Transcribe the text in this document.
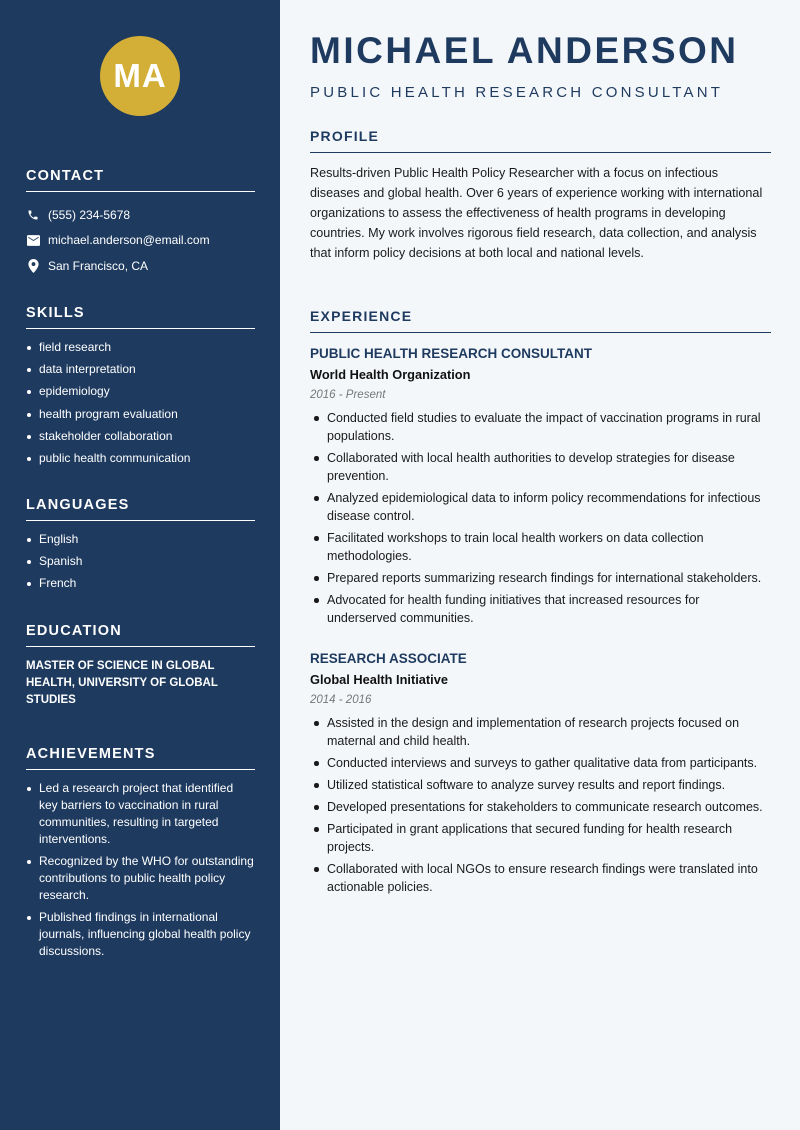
MA
CONTACT
(555) 234-5678
michael.anderson@email.com
San Francisco, CA
SKILLS
field research
data interpretation
epidemiology
health program evaluation
stakeholder collaboration
public health communication
LANGUAGES
English
Spanish
French
EDUCATION
MASTER OF SCIENCE IN GLOBAL HEALTH, UNIVERSITY OF GLOBAL STUDIES
ACHIEVEMENTS
Led a research project that identified key barriers to vaccination in rural communities, resulting in targeted interventions.
Recognized by the WHO for outstanding contributions to public health policy research.
Published findings in international journals, influencing global health policy discussions.
MICHAEL ANDERSON
PUBLIC HEALTH RESEARCH CONSULTANT
PROFILE

Results-driven Public Health Policy Researcher with a focus on infectious diseases and global health. Over 6 years of experience working with international organizations to assess the effectiveness of health programs in developing countries. My work involves rigorous field research, data collection, and analysis that inform policy decisions at both local and national levels.

EXPERIENCE
PUBLIC HEALTH RESEARCH CONSULTANT
World Health Organization
2016 - Present
Conducted field studies to evaluate the impact of vaccination programs in rural populations.
Collaborated with local health authorities to develop strategies for disease prevention.
Analyzed epidemiological data to inform policy recommendations for infectious disease control.
Facilitated workshops to train local health workers on data collection methodologies.
Prepared reports summarizing research findings for international stakeholders.
Advocated for health funding initiatives that increased resources for underserved communities.
RESEARCH ASSOCIATE
Global Health Initiative
2014 - 2016
Assisted in the design and implementation of research projects focused on maternal and child health.
Conducted interviews and surveys to gather qualitative data from participants.
Utilized statistical software to analyze survey results and report findings.
Developed presentations for stakeholders to communicate research outcomes.
Participated in grant applications that secured funding for health research projects.
Collaborated with local NGOs to ensure research findings were translated into actionable policies.
